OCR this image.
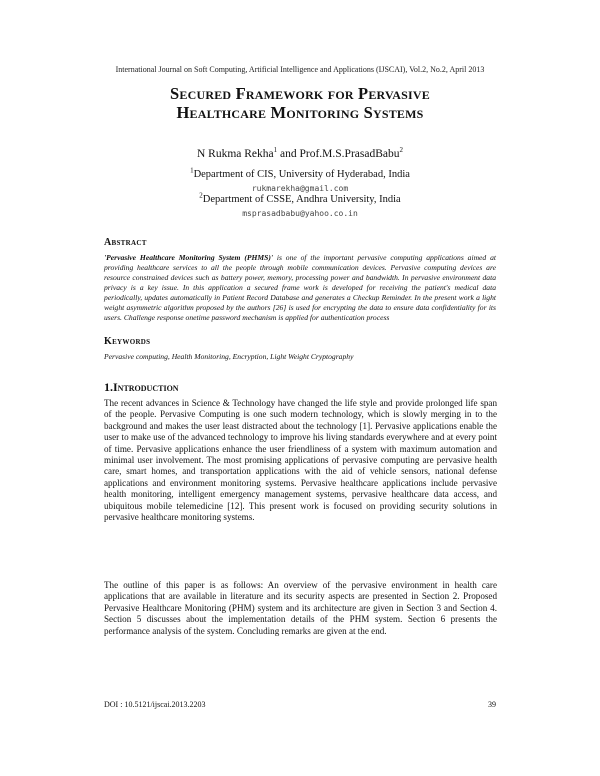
International Journal on Soft Computing, Artificial Intelligence and Applications (IJSCAI), Vol.2, No.2, April 2013
Secured Framework for Pervasive
Healthcare Monitoring Systems
N Rukma Rekha$^1$ and Prof.M.S.PrasadBabu$^2$
$^1$Department of CIS, University of Hyderabad, India
rukmarekha@gmail.com
$^2$Department of CSSE, Andhra University, India
msprasadbabu@yahoo.co.in
Abstract
'Pervasive Healthcare Monitoring System (PHMS)' is one of the important pervasive computing applications aimed at providing healthcare services to all the people through mobile communication devices. Pervasive computing devices are resource constrained devices such as battery power, memory, processing power and bandwidth. In pervasive environment data privacy is a key issue. In this application a secured frame work is developed for receiving the patient's medical data periodically, updates automatically in Patient Record Database and generates a Checkup Reminder. In the present work a light weight asymmetric algorithm proposed by the authors [26] is used for encrypting the data to ensure data confidentiality for its users. Challenge response onetime password mechanism is applied for authentication process
Keywords
Pervasive computing, Health Monitoring, Encryption, Light Weight Cryptography
1.Introduction
The recent advances in Science & Technology have changed the life style and provide prolonged life span of the people. Pervasive Computing is one such modern technology, which is slowly merging in to the background and makes the user least distracted about the technology [1]. Pervasive applications enable the user to make use of the advanced technology to improve his living standards everywhere and at every point of time. Pervasive applications enhance the user friendliness of a system with maximum automation and minimal user involvement. The most promising applications of pervasive computing are pervasive health care, smart homes, and transportation applications with the aid of vehicle sensors, national defense applications and environment monitoring systems. Pervasive healthcare applications include pervasive health monitoring, intelligent emergency management systems, pervasive healthcare data access, and ubiquitous mobile telemedicine [12]. This present work is focused on providing security solutions in pervasive healthcare monitoring systems.
The outline of this paper is as follows: An overview of the pervasive environment in health care applications that are available in literature and its security aspects are presented in Section 2. Proposed Pervasive Healthcare Monitoring (PHM) system and its architecture are given in Section 3 and Section 4. Section 5 discusses about the implementation details of the PHM system. Section 6 presents the performance analysis of the system. Concluding remarks are given at the end.
DOI : 10.5121/ijscai.2013.2203	39
